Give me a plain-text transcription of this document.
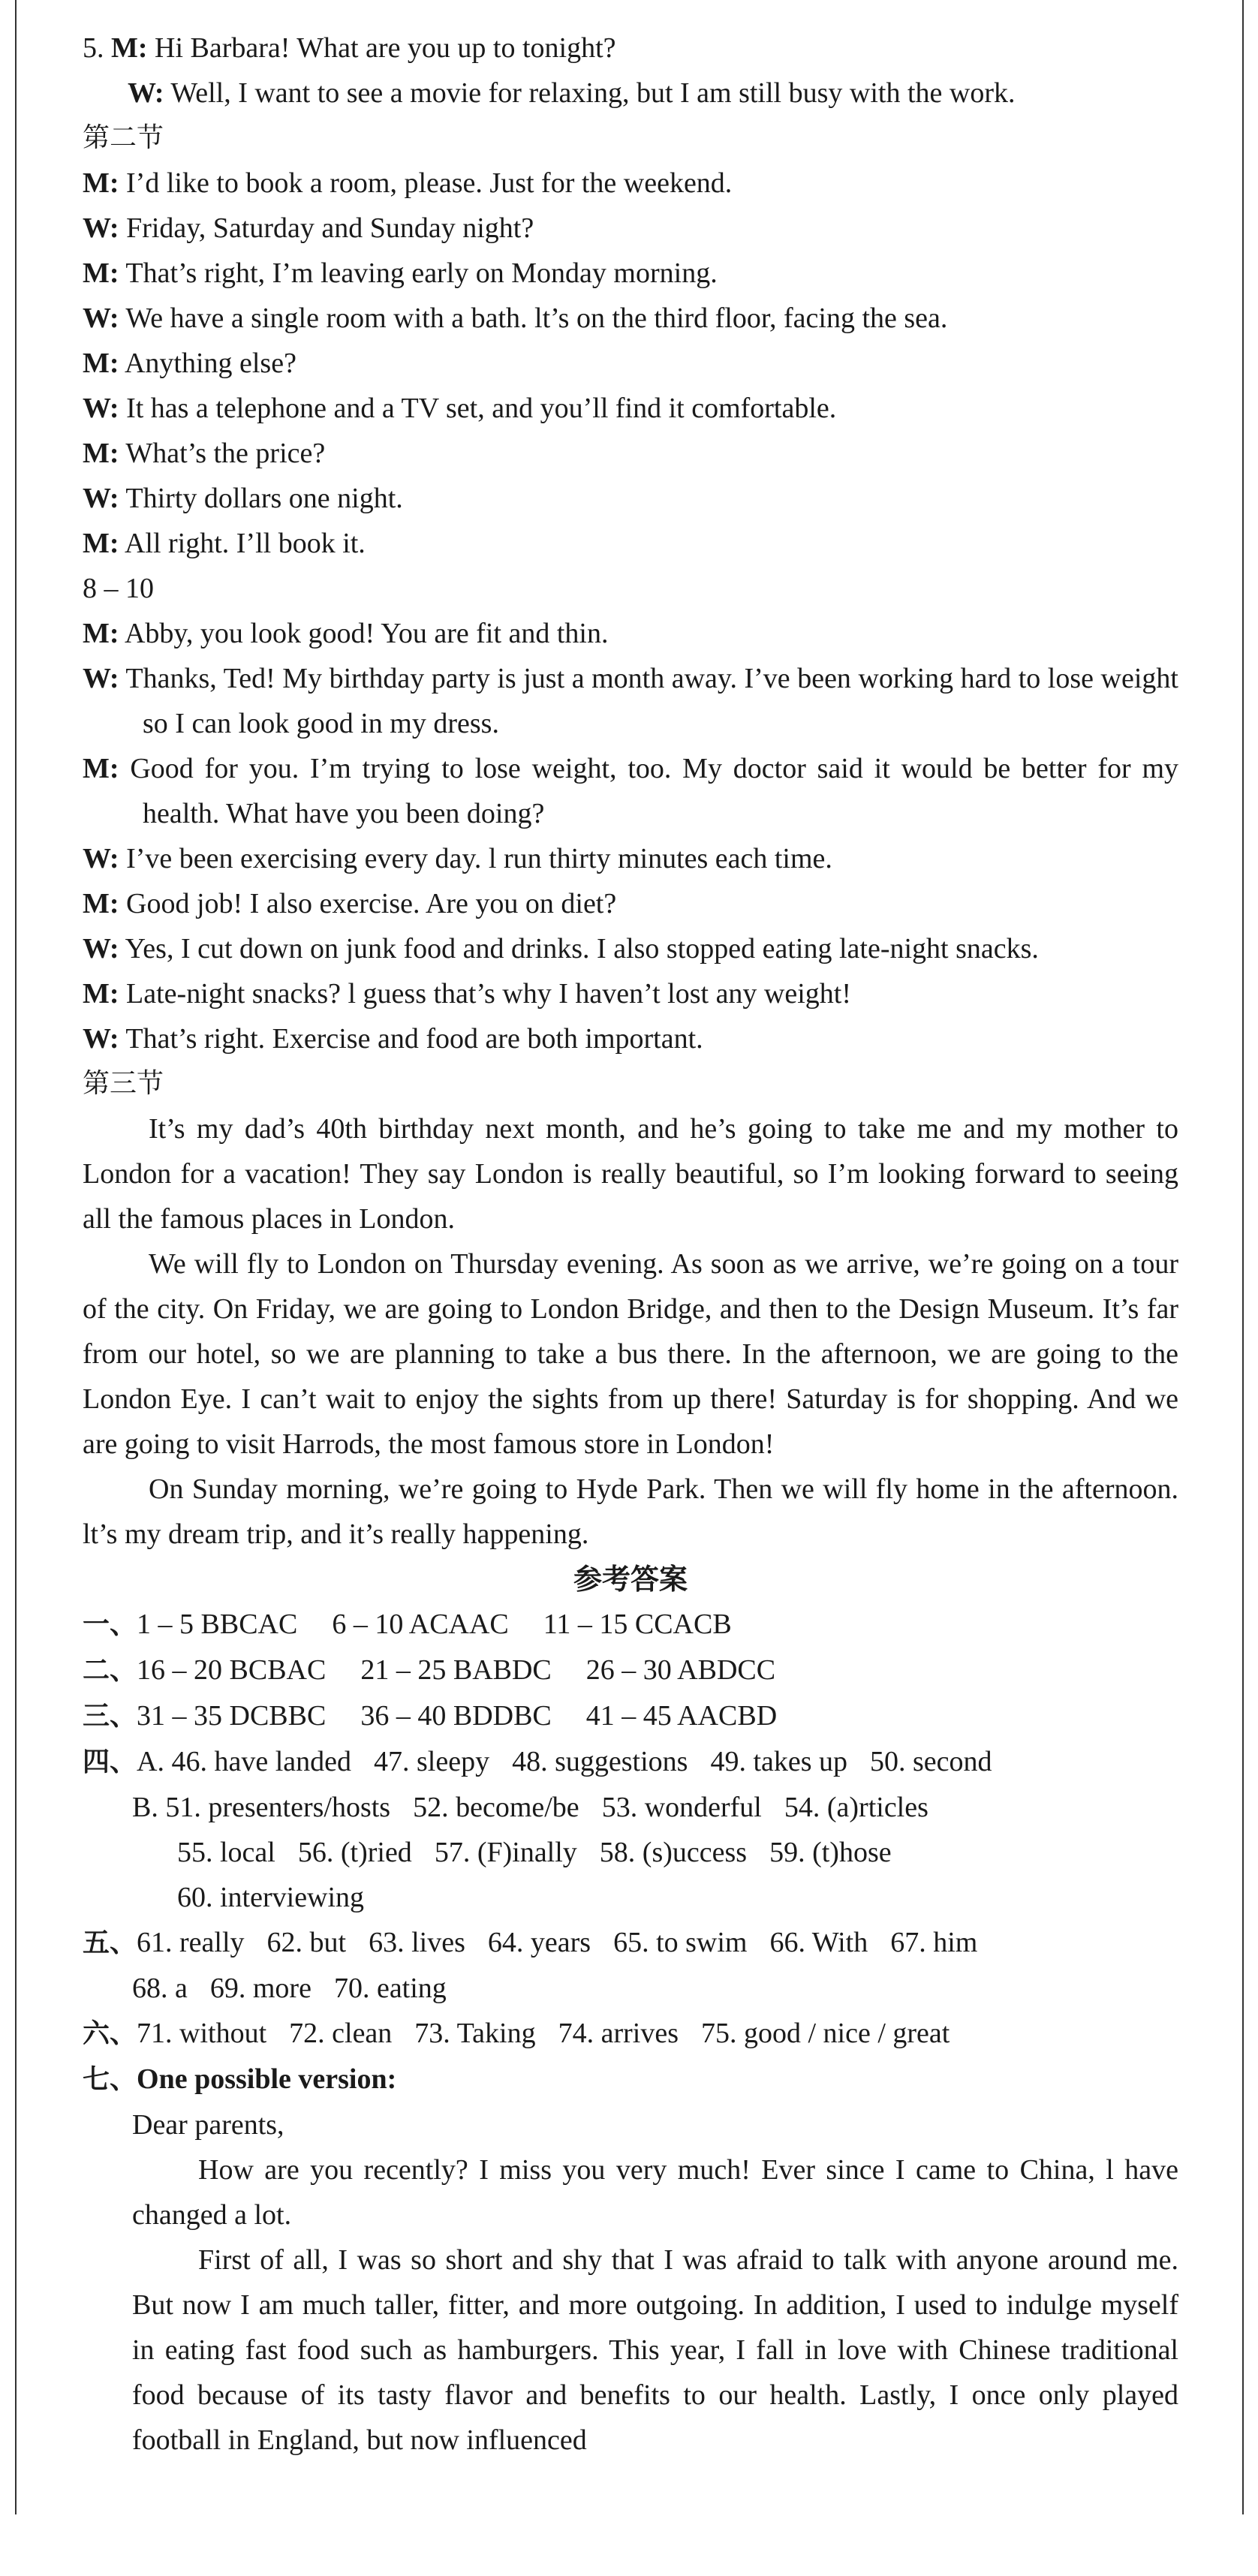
5. M: Hi Barbara! What are you up to tonight?
W: Well, I want to see a movie for relaxing, but I am still busy with the work.
第二节
M: I’d like to book a room, please. Just for the weekend.
W: Friday, Saturday and Sunday night?
M: That’s right, I’m leaving early on Monday morning.
W: We have a single room with a bath. lt’s on the third floor, facing the sea.
M: Anything else?
W: It has a telephone and a TV set, and you’ll find it comfortable.
M: What’s the price?
W: Thirty dollars one night.
M: All right. I’ll book it.
8 – 10
M: Abby, you look good! You are fit and thin.
W: Thanks, Ted! My birthday party is just a month away. I’ve been working hard to lose weight so I can look good in my dress.
M: Good for you. I’m trying to lose weight, too. My doctor said it would be better for my health. What have you been doing?
W: I’ve been exercising every day. l run thirty minutes each time.
M: Good job! I also exercise. Are you on diet?
W: Yes, I cut down on junk food and drinks. I also stopped eating late-night snacks.
M: Late-night snacks? l guess that’s why I haven’t lost any weight!
W: That’s right. Exercise and food are both important.
第三节
It’s my dad’s 40th birthday next month, and he’s going to take me and my mother to London for a vacation! They say London is really beautiful, so I’m looking forward to seeing all the famous places in London.
We will fly to London on Thursday evening. As soon as we arrive, we’re going on a tour of the city. On Friday, we are going to London Bridge, and then to the Design Museum. It’s far from our hotel, so we are planning to take a bus there. In the afternoon, we are going to the London Eye. I can’t wait to enjoy the sights from up there! Saturday is for shopping. And we are going to visit Harrods, the most famous store in London!
On Sunday morning, we’re going to Hyde Park. Then we will fly home in the afternoon. lt’s my dream trip, and it’s really happening.
参考答案
一、1 – 5 BBCAC 6 – 10 ACAAC 11 – 15 CCACB
二、16 – 20 BCBAC 21 – 25 BABDC 26 – 30 ABDCC
三、31 – 35 DCBBC 36 – 40 BDDBC 41 – 45 AACBD
四、A. 46. have landed 47. sleepy 48. suggestions 49. takes up 50. second
B. 51. presenters/hosts 52. become/be 53. wonderful 54. (a)rticles
55. local 56. (t)ried 57. (F)inally 58. (s)uccess 59. (t)hose
60. interviewing
五、61. really 62. but 63. lives 64. years 65. to swim 66. With 67. him
68. a 69. more 70. eating
六、71. without 72. clean 73. Taking 74. arrives 75. good / nice / great
七、One possible version:
Dear parents,
How are you recently? I miss you very much! Ever since I came to China, l have changed a lot.
First of all, I was so short and shy that I was afraid to talk with anyone around me. But now I am much taller, fitter, and more outgoing. In addition, I used to indulge myself in eating fast food such as hamburgers. This year, I fall in love with Chinese traditional food because of its tasty flavor and benefits to our health. Lastly, I once only played football in England, but now influenced
